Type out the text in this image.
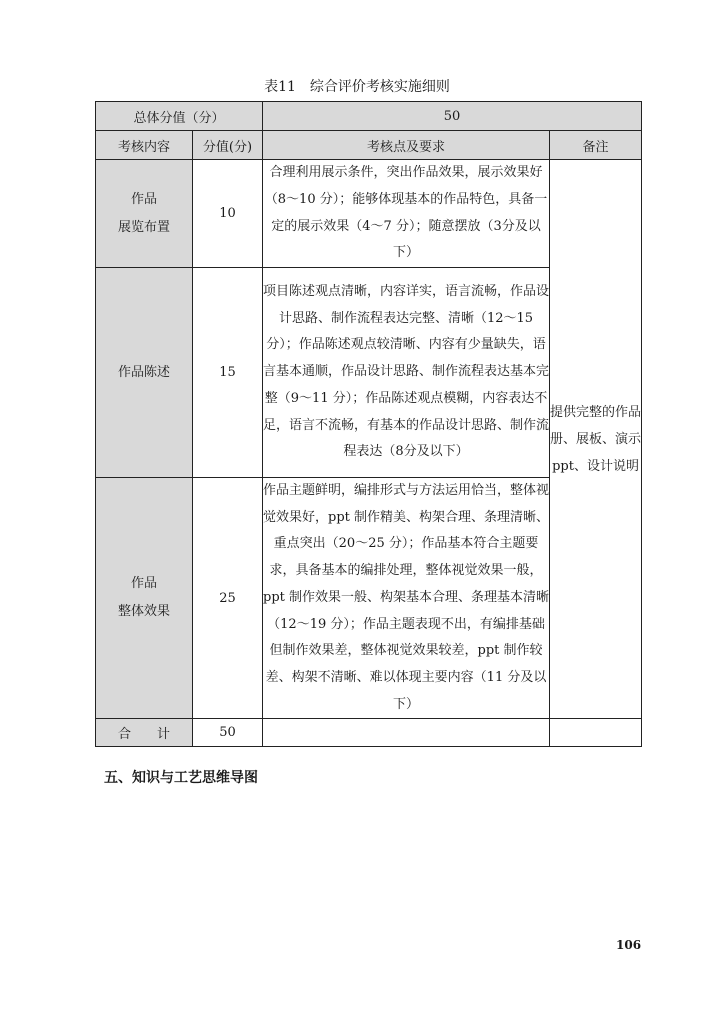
表11　综合评价考核实施细则
总体分值（分）		50	
考核内容	分值(分)	考核点及要求	备注

作品
展览布置	10	合理利用展示条件，突出作品效果，展示效果好（8～10 分）；能够体现基本的作品特色，具备一定的展示效果（4～7 分）；随意摆放（3分及以下）	提供完整的作品册、展板、演示ppt、设计说明

作品陈述	15	项目陈述观点清晰，内容详实，语言流畅，作品设计思路、制作流程表达完整、清晰（12～15 分）；作品陈述观点较清晰、内容有少量缺失，语言基本通顺，作品设计思路、制作流程表达基本完整（9～11 分）；作品陈述观点模糊，内容表达不足，语言不流畅，有基本的作品设计思路、制作流程表达（8分及以下）	

作品
整体效果	25	作品主题鲜明，编排形式与方法运用恰当，整体视觉效果好，ppt 制作精美、构架合理、条理清晰、重点突出（20～25 分）；作品基本符合主题要求，具备基本的编排处理，整体视觉效果一般，ppt 制作效果一般、构架基本合理、条理基本清晰（12～19 分）；作品主题表现不出，有编排基础但制作效果差，整体视觉效果较差，ppt 制作较差、构架不清晰、难以体现主要内容（11 分及以下）	
合　　计	50		
五、知识与工艺思维导图
106
